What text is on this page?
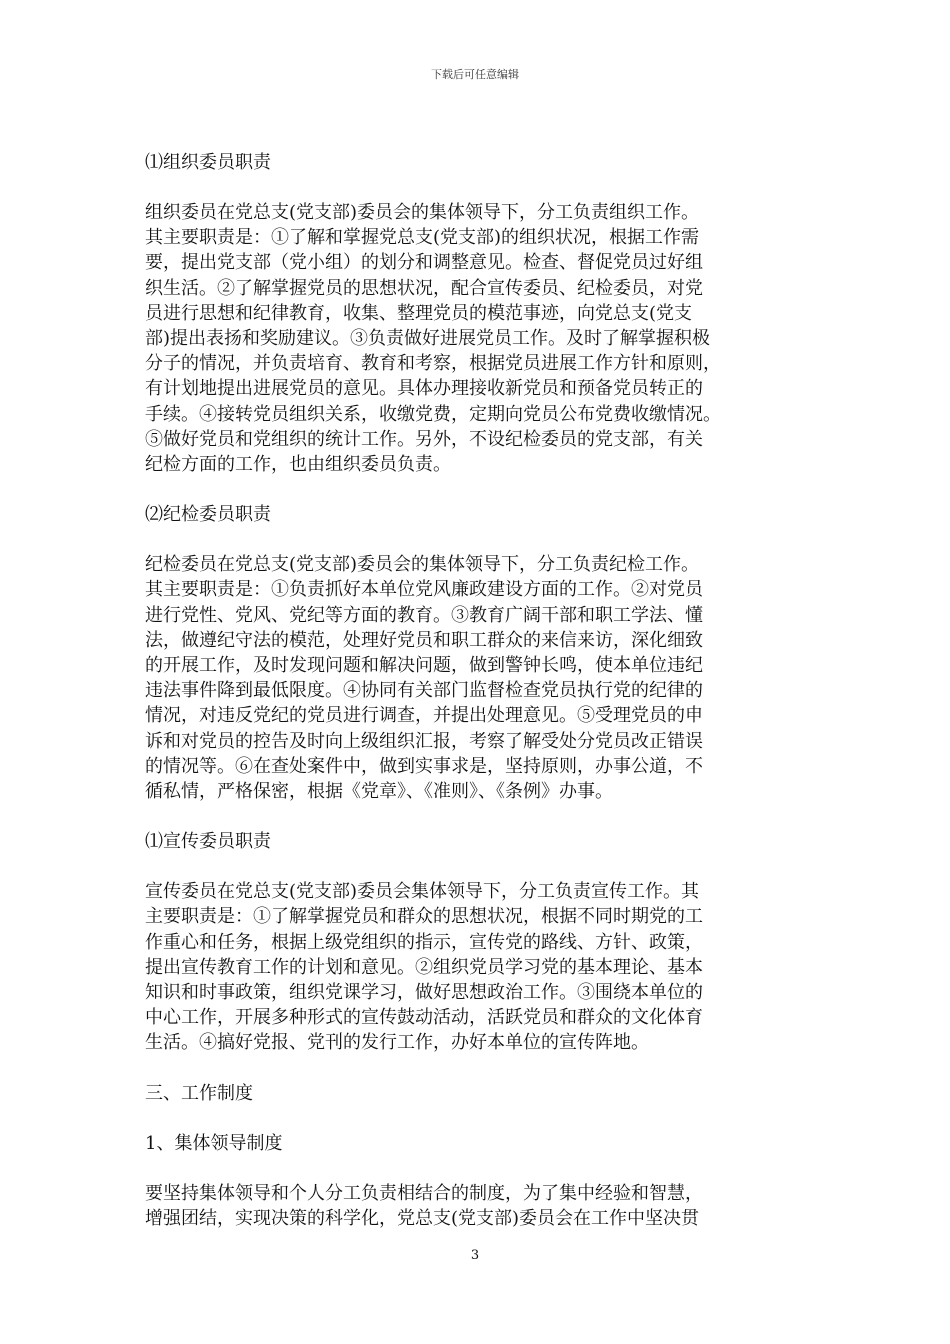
下载后可任意编辑
⑴组织委员职责
组织委员在党总支(党支部)委员会的集体领导下，分工负责组织工作。
其主要职责是：①了解和掌握党总支(党支部)的组织状况，根据工作需
要，提出党支部（党小组）的划分和调整意见。检查、督促党员过好组
织生活。②了解掌握党员的思想状况，配合宣传委员、纪检委员，对党
员进行思想和纪律教育，收集、整理党员的模范事迹，向党总支(党支
部)提出表扬和奖励建议。③负责做好进展党员工作。及时了解掌握积极
分子的情况，并负责培育、教育和考察，根据党员进展工作方针和原则，
有计划地提出进展党员的意见。具体办理接收新党员和预备党员转正的
手续。④接转党员组织关系，收缴党费，定期向党员公布党费收缴情况。
⑤做好党员和党组织的统计工作。另外，不设纪检委员的党支部，有关
纪检方面的工作，也由组织委员负责。
⑵纪检委员职责
纪检委员在党总支(党支部)委员会的集体领导下，分工负责纪检工作。
其主要职责是：①负责抓好本单位党风廉政建设方面的工作。②对党员
进行党性、党风、党纪等方面的教育。③教育广阔干部和职工学法、懂
法，做遵纪守法的模范，处理好党员和职工群众的来信来访，深化细致
的开展工作，及时发现问题和解决问题，做到警钟长鸣，使本单位违纪
违法事件降到最低限度。④协同有关部门监督检查党员执行党的纪律的
情况，对违反党纪的党员进行调查，并提出处理意见。⑤受理党员的申
诉和对党员的控告及时向上级组织汇报，考察了解受处分党员改正错误
的情况等。⑥在查处案件中，做到实事求是，坚持原则，办事公道，不
循私情，严格保密，根据《党章》、《准则》、《条例》办事。
⑴宣传委员职责
宣传委员在党总支(党支部)委员会集体领导下，分工负责宣传工作。其
主要职责是：①了解掌握党员和群众的思想状况，根据不同时期党的工
作重心和任务，根据上级党组织的指示，宣传党的路线、方针、政策，
提出宣传教育工作的计划和意见。②组织党员学习党的基本理论、基本
知识和时事政策，组织党课学习，做好思想政治工作。③围绕本单位的
中心工作，开展多种形式的宣传鼓动活动，活跃党员和群众的文化体育
生活。④搞好党报、党刊的发行工作，办好本单位的宣传阵地。
三、工作制度
1、集体领导制度
要坚持集体领导和个人分工负责相结合的制度，为了集中经验和智慧，
增强团结，实现决策的科学化，党总支(党支部)委员会在工作中坚决贯
3
